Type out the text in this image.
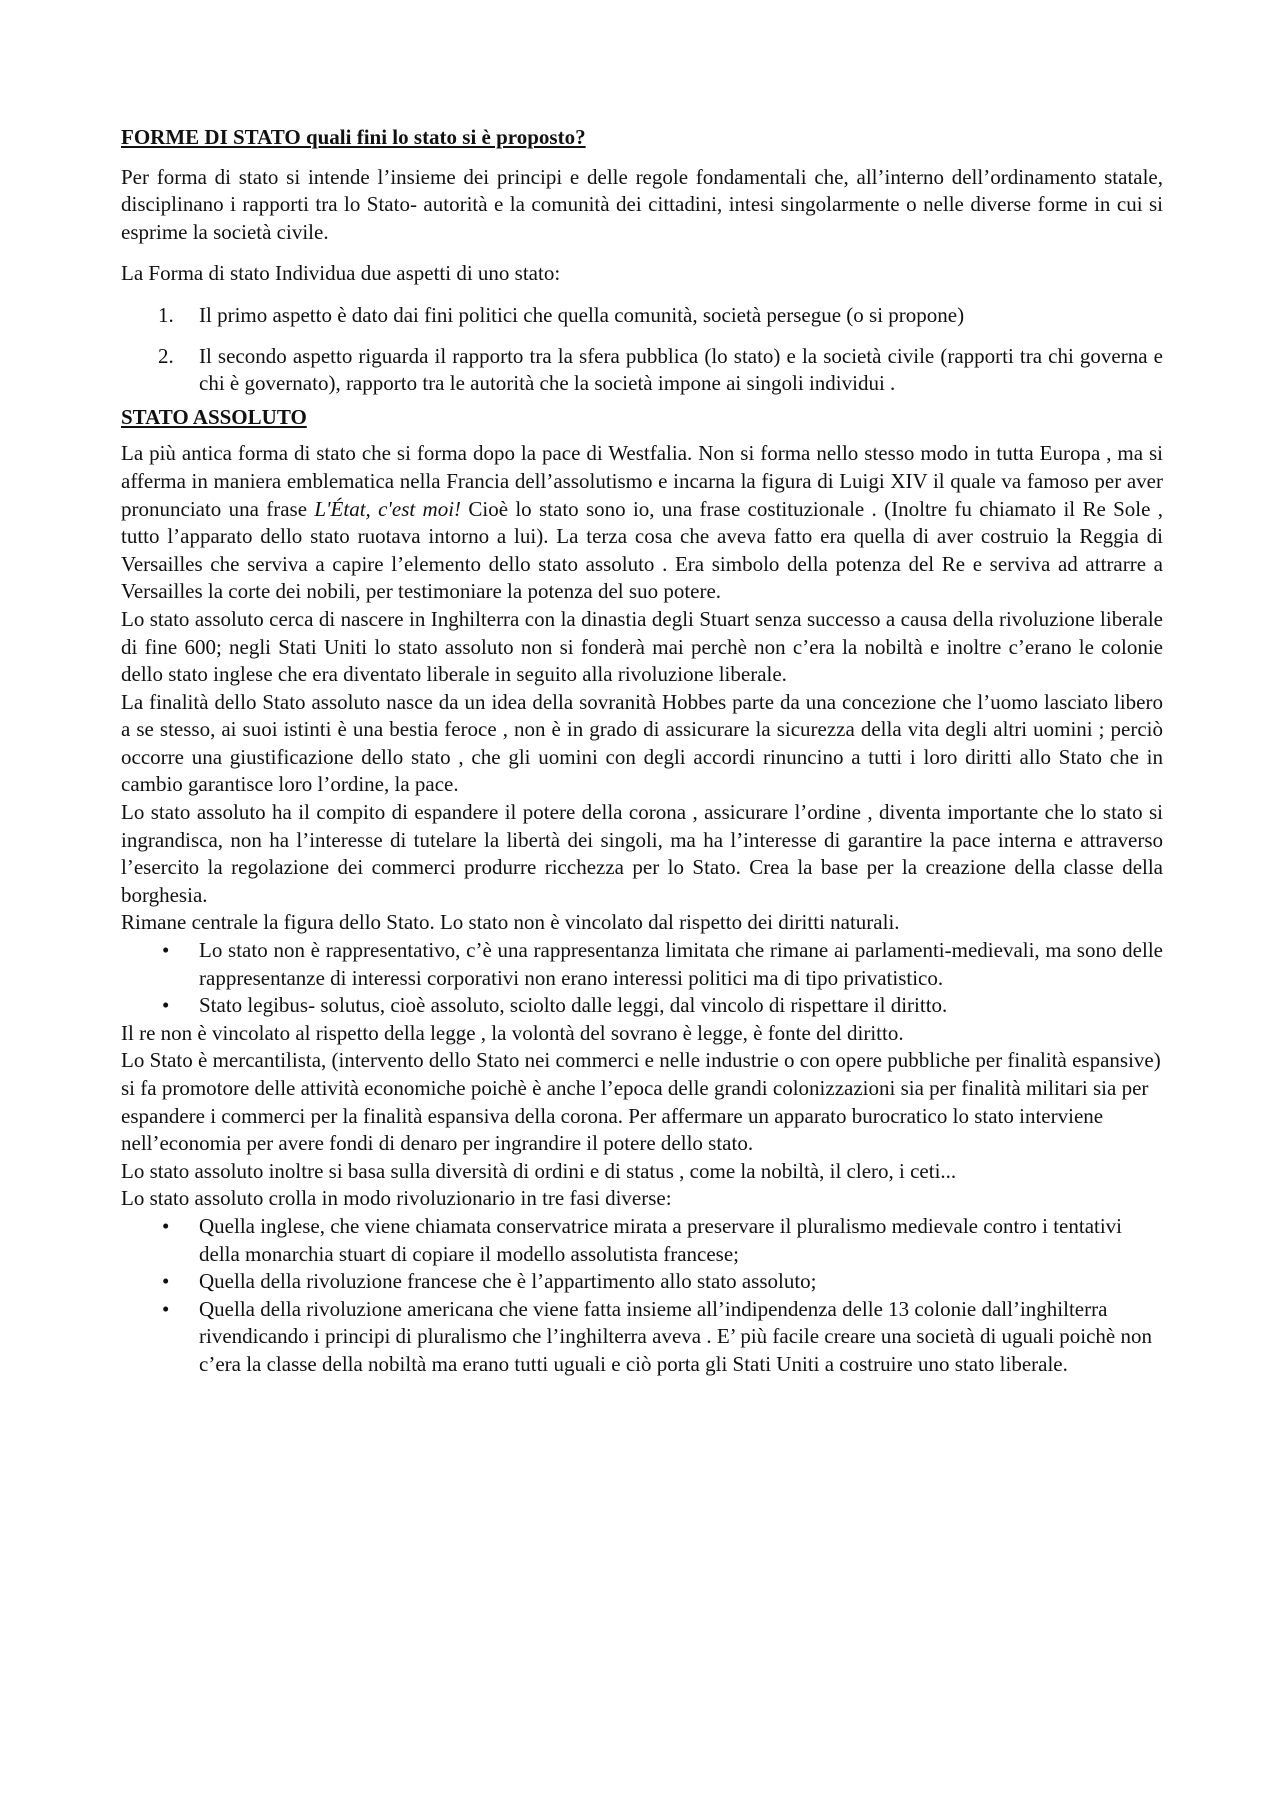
FORME DI STATO quali fini lo stato si è proposto?

Per forma di stato si intende l’insieme dei principi e delle regole fondamentali che, all’interno dell’ordinamento statale, disciplinano i rapporti tra lo Stato- autorità e la comunità dei cittadini, intesi singolarmente o nelle diverse forme in cui si esprime la società civile.

La Forma di stato Individua due aspetti di uno stato:

1. Il primo aspetto è dato dai fini politici che quella comunità, società persegue (o si propone)
2. Il secondo aspetto riguarda il rapporto tra la sfera pubblica (lo stato) e la società civile (rapporti tra chi governa e chi è governato), rapporto tra le autorità che la società impone ai singoli individui .
STATO ASSOLUTO

La più antica forma di stato che si forma dopo la pace di Westfalia. Non si forma nello stesso modo in tutta Europa , ma si afferma in maniera emblematica nella Francia dell’assolutismo e incarna la figura di Luigi XIV il quale va famoso per aver pronunciato una frase L'État, c'est moi! Cioè lo stato sono io, una frase costituzionale . (Inoltre fu chiamato il Re Sole , tutto l’apparato dello stato ruotava intorno a lui). La terza cosa che aveva fatto era quella di aver costruio la Reggia di Versailles che serviva a capire l’elemento dello stato assoluto . Era simbolo della potenza del Re e serviva ad attrarre a Versailles la corte dei nobili, per testimoniare la potenza del suo potere.

Lo stato assoluto cerca di nascere in Inghilterra con la dinastia degli Stuart senza successo a causa della rivoluzione liberale di fine 600; negli Stati Uniti lo stato assoluto non si fonderà mai perchè non c’era la nobiltà e inoltre c’erano le colonie dello stato inglese che era diventato liberale in seguito alla rivoluzione liberale.

La finalità dello Stato assoluto nasce da un idea della sovranità Hobbes parte da una concezione che l’uomo lasciato libero a se stesso, ai suoi istinti è una bestia feroce , non è in grado di assicurare la sicurezza della vita degli altri uomini ; perciò occorre una giustificazione dello stato , che gli uomini con degli accordi rinuncino a tutti i loro diritti allo Stato che in cambio garantisce loro l’ordine, la pace.

Lo stato assoluto ha il compito di espandere il potere della corona , assicurare l’ordine , diventa importante che lo stato si ingrandisca, non ha l’interesse di tutelare la libertà dei singoli, ma ha l’interesse di garantire la pace interna e attraverso l’esercito la regolazione dei commerci produrre ricchezza per lo Stato. Crea la base per la creazione della classe della borghesia.

Rimane centrale la figura dello Stato. Lo stato non è vincolato dal rispetto dei diritti naturali.

• Lo stato non è rappresentativo, c’è una rappresentanza limitata che rimane ai parlamenti-medievali, ma sono delle rappresentanze di interessi corporativi non erano interessi politici ma di tipo privatistico.
• Stato legibus- solutus, cioè assoluto, sciolto dalle leggi, dal vincolo di rispettare il diritto.

Il re non è vincolato al rispetto della legge , la volontà del sovrano è legge, è fonte del diritto.

Lo Stato è mercantilista, (intervento dello Stato nei commerci e nelle industrie o con opere pubbliche per finalità espansive) si fa promotore delle attività economiche poichè è anche l’epoca delle grandi colonizzazioni sia per finalità militari sia per espandere i commerci per la finalità espansiva della corona. Per affermare un apparato burocratico lo stato interviene nell’economia per avere fondi di denaro per ingrandire il potere dello stato.

Lo stato assoluto inoltre si basa sulla diversità di ordini e di status , come la nobiltà, il clero, i ceti...

Lo stato assoluto crolla in modo rivoluzionario in tre fasi diverse:

• Quella inglese, che viene chiamata conservatrice mirata a preservare il pluralismo medievale contro i tentativi della monarchia stuart di copiare il modello assolutista francese;
• Quella della rivoluzione francese che è l’appartimento allo stato assoluto;
• Quella della rivoluzione americana che viene fatta insieme all’indipendenza delle 13 colonie dall’inghilterra rivendicando i principi di pluralismo che l’inghilterra aveva . E’ più facile creare una società di uguali poichè non c’era la classe della nobiltà ma erano tutti uguali e ciò porta gli Stati Uniti a costruire uno stato liberale.
